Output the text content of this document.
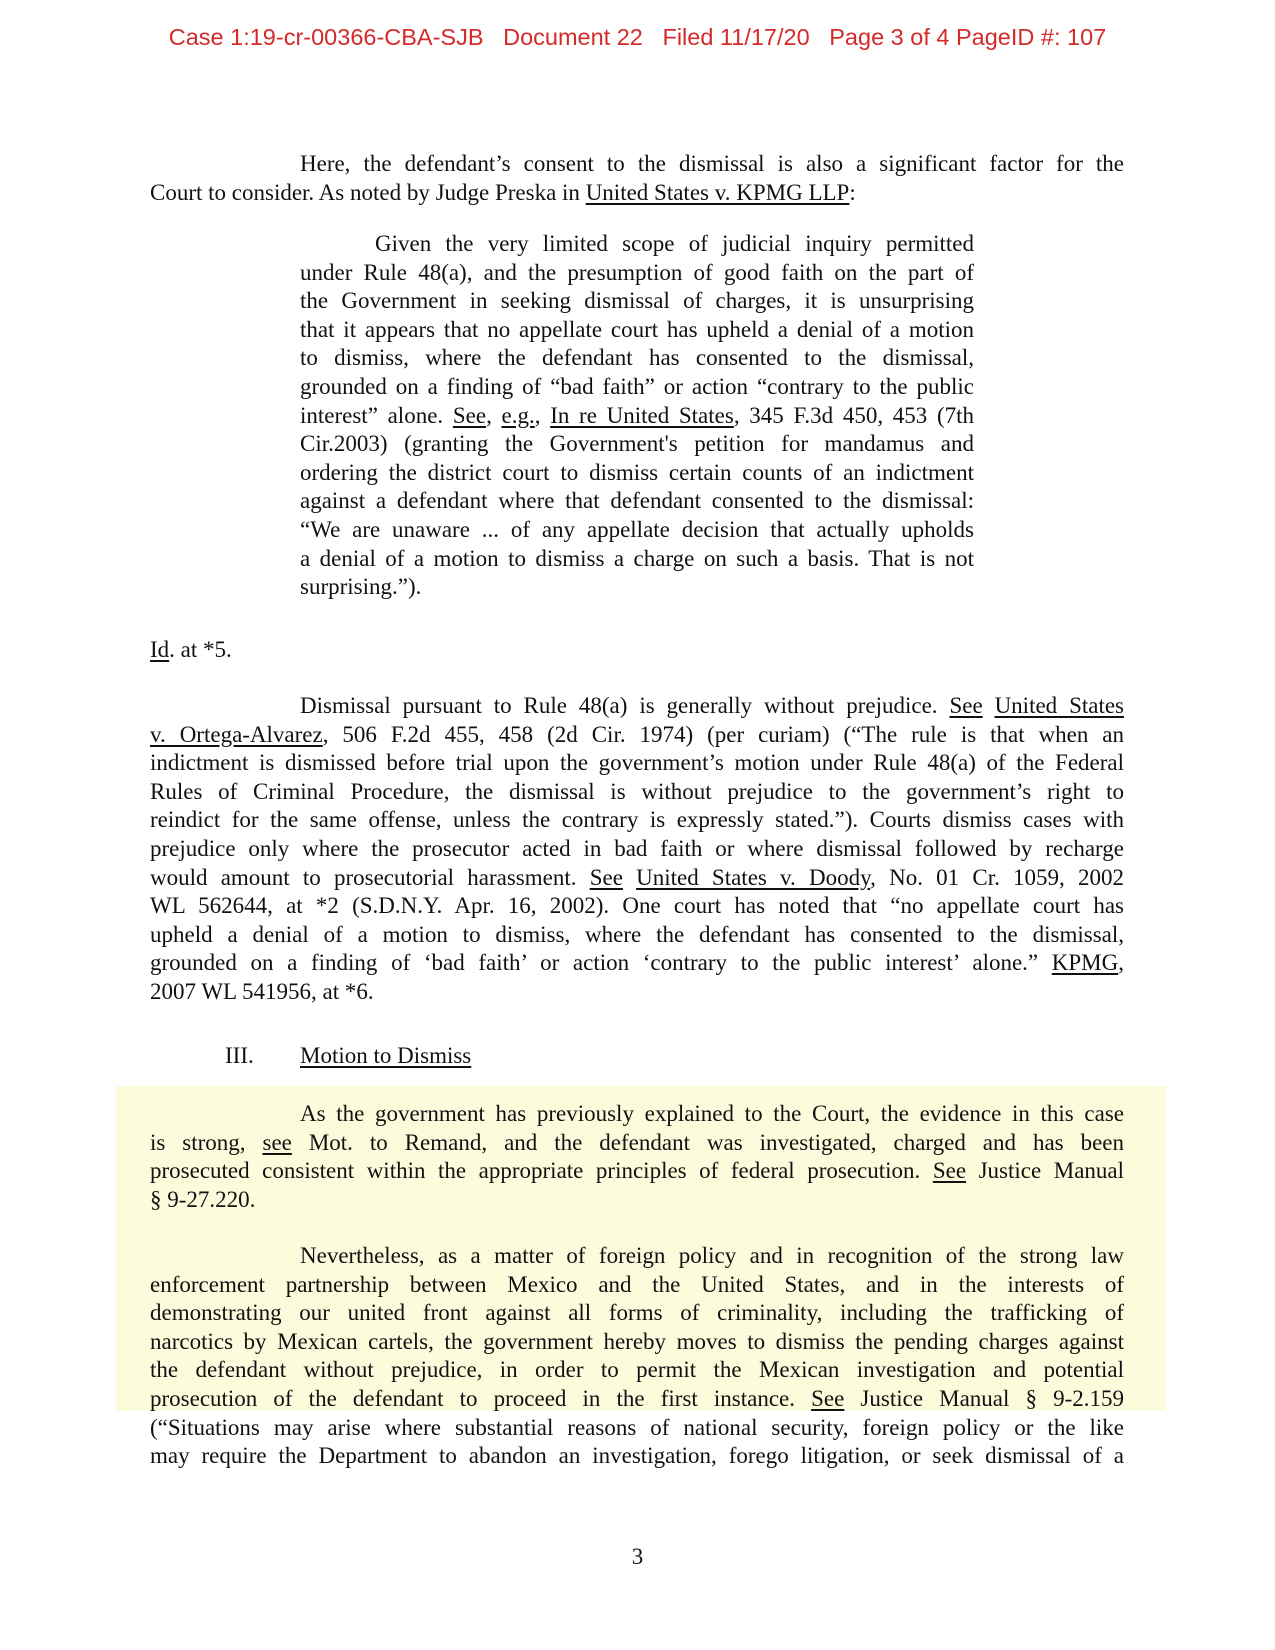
Case 1:19-cr-00366-CBA-SJB   Document 22   Filed 11/17/20   Page 3 of 4 PageID #: 107
Here, the defendant’s consent to the dismissal is also a significant factor for the
Court to consider. As noted by Judge Preska in United States v. KPMG LLP:
Given the very limited scope of judicial inquiry permitted
under Rule 48(a), and the presumption of good faith on the part of
the Government in seeking dismissal of charges, it is unsurprising
that it appears that no appellate court has upheld a denial of a motion
to dismiss, where the defendant has consented to the dismissal,
grounded on a finding of “bad faith” or action “contrary to the public
interest” alone. See, e.g., In re United States, 345 F.3d 450, 453 (7th
Cir.2003) (granting the Government's petition for mandamus and
ordering the district court to dismiss certain counts of an indictment
against a defendant where that defendant consented to the dismissal:
“We are unaware ... of any appellate decision that actually upholds
a denial of a motion to dismiss a charge on such a basis. That is not
surprising.”).
Id. at *5.
Dismissal pursuant to Rule 48(a) is generally without prejudice. See United States
v. Ortega-Alvarez, 506 F.2d 455, 458 (2d Cir. 1974) (per curiam) (“The rule is that when an
indictment is dismissed before trial upon the government’s motion under Rule 48(a) of the Federal
Rules of Criminal Procedure, the dismissal is without prejudice to the government’s right to
reindict for the same offense, unless the contrary is expressly stated.”). Courts dismiss cases with
prejudice only where the prosecutor acted in bad faith or where dismissal followed by recharge
would amount to prosecutorial harassment. See United States v. Doody, No. 01 Cr. 1059, 2002
WL 562644, at *2 (S.D.N.Y. Apr. 16, 2002). One court has noted that “no appellate court has
upheld a denial of a motion to dismiss, where the defendant has consented to the dismissal,
grounded on a finding of ‘bad faith’ or action ‘contrary to the public interest’ alone.” KPMG,
2007 WL 541956, at *6.
III. Motion to Dismiss
As the government has previously explained to the Court, the evidence in this case
is strong, see Mot. to Remand, and the defendant was investigated, charged and has been
prosecuted consistent within the appropriate principles of federal prosecution. See Justice Manual
§ 9-27.220.
Nevertheless, as a matter of foreign policy and in recognition of the strong law
enforcement partnership between Mexico and the United States, and in the interests of
demonstrating our united front against all forms of criminality, including the trafficking of
narcotics by Mexican cartels, the government hereby moves to dismiss the pending charges against
the defendant without prejudice, in order to permit the Mexican investigation and potential
prosecution of the defendant to proceed in the first instance. See Justice Manual § 9-2.159
(“Situations may arise where substantial reasons of national security, foreign policy or the like
may require the Department to abandon an investigation, forego litigation, or seek dismissal of a
3
